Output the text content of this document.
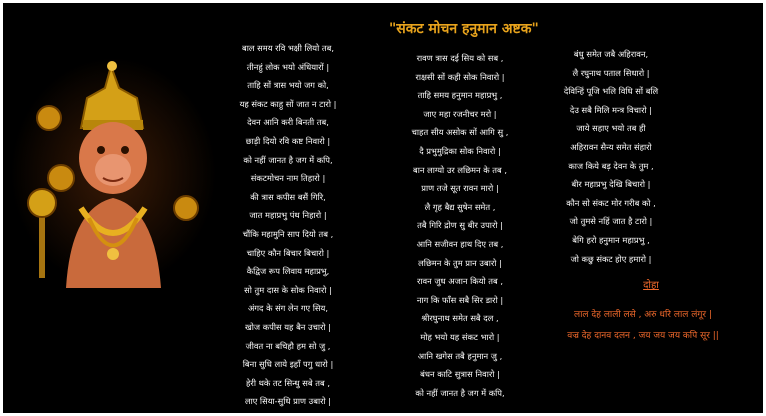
"संकट मोचन हनुमान अष्टक"
बाल समय रवि भक्षी लियो तब,
तीनहुं लोक भयो अंधियारों |
ताहि सों त्रास भयो जग को,
यह संकट काहु सों जात न टारो |
देवन आनि करी बिनती तब,
छाड़ी दियो रवि कष्ट निवारो |
को नहीं जानत है जग में कपि,
संकटमोचन नाम तिहारो |
की त्रास कपीस बसैं गिरि,
जात महाप्रभु पंथ निहारो |
चौंकि महामुनि साप दियो तब ,
चाहिए कौन बिचार बिचारो |
कैद्विज रूप लिवाय महाप्रभु,
सो तुम दास के सोक निवारो |
अंगद के संग लेन गए सिय,
खोज कपीस यह बैन उचारो |
जीवत ना बचिहौ हम सो जु ,
बिना सुधि लाये इहाँ पगु धारो |
हेरी थके तट सिन्धु सबे तब ,
लाए सिया-सुधि प्राण उबारो |
रावण त्रास दई सिय को सब ,
राक्षसी सों कही सोक निवारो |
ताहि समय हनुमान महाप्रभु ,
जाए महा रजनीचर मरो |
चाहत सीय असोक सों आगि सु ,
दै प्रभुमुद्रिका सोक निवारो |
बान लाग्यो उर लछिमन के तब ,
प्राण तजे सूत रावन मारो |
लै गृह बैद्य सुषेन समेत ,
तबै गिरि द्रोण सु बीर उपारो |
आनि सजीवन हाथ दिए तब ,
लछिमन के तुम प्रान उबारो |
रावन जुध अजान कियो तब ,
नाग कि फाँस सबै सिर डारो |
श्रीरघुनाथ समेत सबै दल ,
मोह भयो यह संकट भारो |
आनि खगेस तबै हनुमान जु ,
बंधन काटि सुत्रास निवारो |
को नहीं जानत है जग में कपि,
बंधु समेत जबै अहिरावन,
लै रघुनाथ पताल सिधारो |
देविन्हिं पूजि भलि विधि सों बलि
देउ सबै मिलि मन्त्र विचारो |
जाये सहाए भयो तब ही
अहिरावन सैन्य समेत संहारो
काज किये बड़ देवन के तुम ,
बीर महाप्रभु देखि बिचारो |
कौन सो संकट मोर गरीब को ,
जो तुमसे नहिं जात है टारो |
बेगि हरो हनुमान महाप्रभु ,
जो कछु संकट होए हमारो |
दोहा
लाल देह लाली लसे , अरु धरि लाल लंगूर |
वज्र देह दानव दलन , जय जय जय कपि सूर ||
